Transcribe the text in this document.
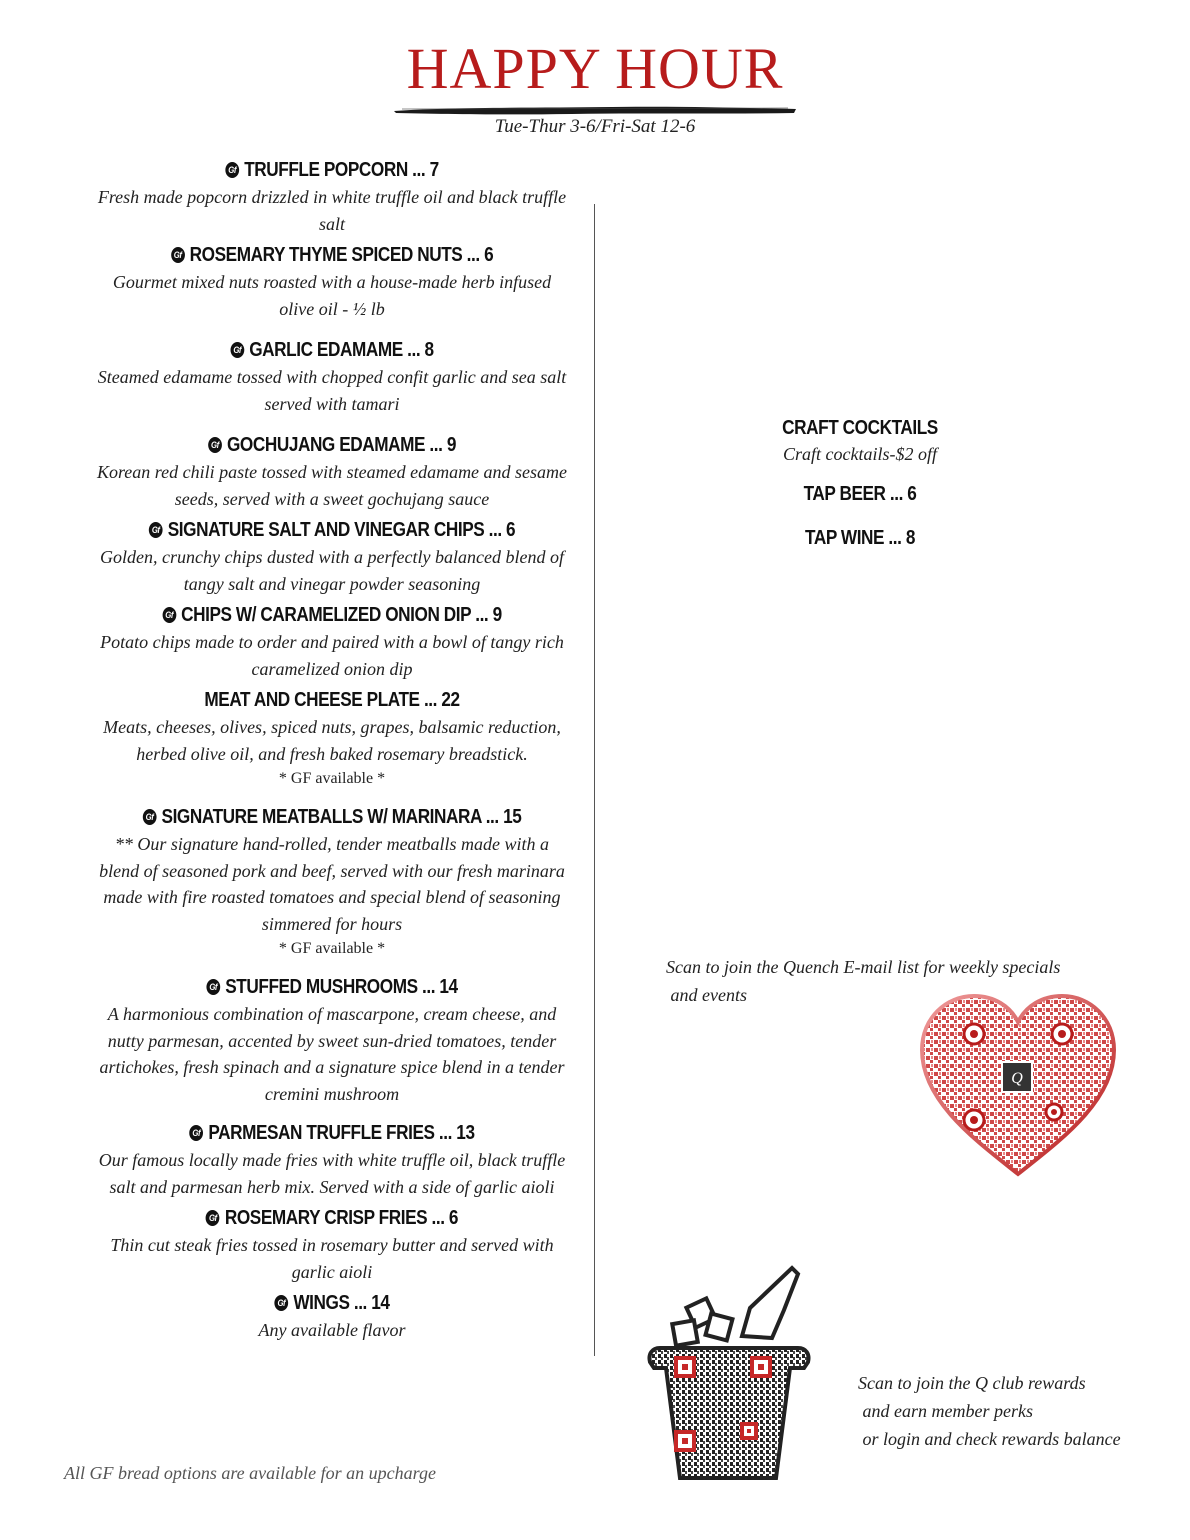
HAPPY HOUR
Tue-Thur 3-6/Fri-Sat 12-6
Gf TRUFFLE POPCORN ... 7
Fresh made popcorn drizzled in white truffle oil and black truffle
salt
Gf ROSEMARY THYME SPICED NUTS ... 6
Gourmet mixed nuts roasted with a house-made herb infused
olive oil - ½ lb
Gf GARLIC EDAMAME ... 8
Steamed edamame tossed with chopped confit garlic and sea salt
served with tamari
Gf GOCHUJANG EDAMAME ... 9
Korean red chili paste tossed with steamed edamame and sesame
seeds, served with a sweet gochujang sauce
Gf SIGNATURE SALT AND VINEGAR CHIPS ... 6
Golden, crunchy chips dusted with a perfectly balanced blend of
tangy salt and vinegar powder seasoning
Gf CHIPS W/ CARAMELIZED ONION DIP ... 9
Potato chips made to order and paired with a bowl of tangy rich
caramelized onion dip
MEAT AND CHEESE PLATE ... 22
Meats, cheeses, olives, spiced nuts, grapes, balsamic reduction,
herbed olive oil, and fresh baked rosemary breadstick.
* GF available *
Gf SIGNATURE MEATBALLS W/ MARINARA ... 15
** Our signature hand-rolled, tender meatballs made with a
blend of seasoned pork and beef, served with our fresh marinara
made with fire roasted tomatoes and special blend of seasoning
simmered for hours
* GF available *
Gf STUFFED MUSHROOMS ... 14
A harmonious combination of mascarpone, cream cheese, and
nutty parmesan, accented by sweet sun-dried tomatoes, tender
artichokes, fresh spinach and a signature spice blend in a tender
cremini mushroom
Gf PARMESAN TRUFFLE FRIES ... 13
Our famous locally made fries with white truffle oil, black truffle
salt and parmesan herb mix. Served with a side of garlic aioli
Gf ROSEMARY CRISP FRIES ... 6
Thin cut steak fries tossed in rosemary butter and served with
garlic aioli
Gf WINGS ... 14
Any available flavor
CRAFT COCKTAILS
Craft cocktails-$2 off
TAP BEER ... 6
TAP WINE ... 8
Scan to join the Quench E-mail list for weekly specials
and events
Q
Scan to join the Q club rewards
and earn member perks
or login and check rewards balance
All GF bread options are available for an upcharge
